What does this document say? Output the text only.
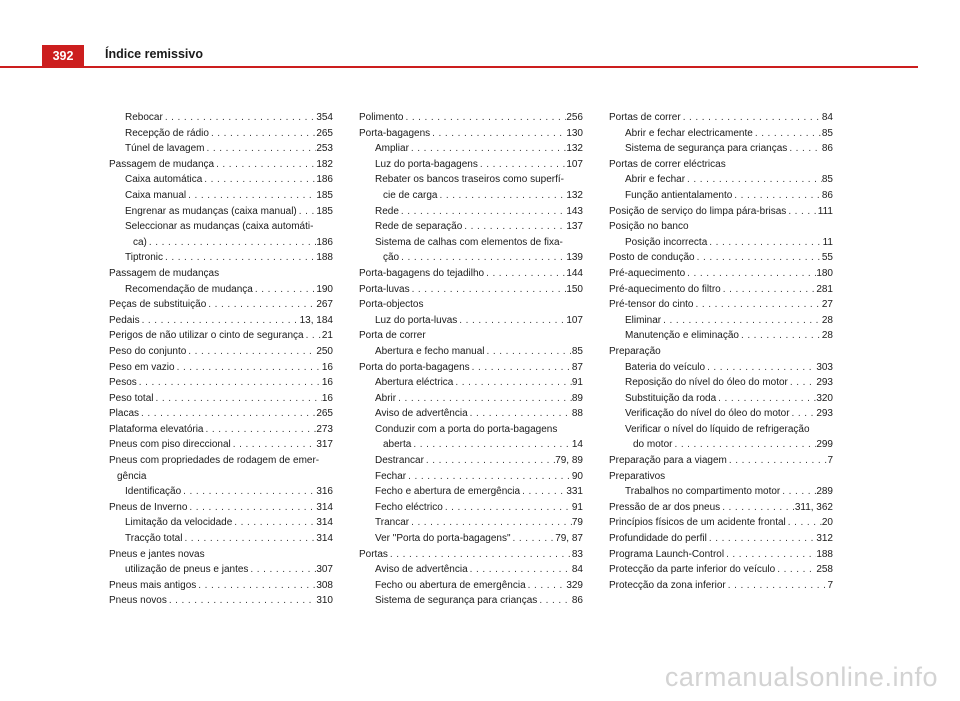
392	Índice remissivo
Rebocar . . .	354
Recepção de rádio . . .	265
Túnel de lavagem . . .	253
Passagem de mudança . . .	182
Caixa automática . . .	186
Caixa manual . . .	185
Engrenar as mudanças (caixa manual) . . . 185
Seleccionar as mudanças (caixa automáti-
ca) . . .	186
Tiptronic . . .	188
Passagem de mudanças
Recomendação de mudança . . .	190
Peças de substituição . . .	267
Pedais . . .	13, 184
Perigos de não utilizar o cinto de segurança . . . 21
Peso do conjunto . . .	250
Peso em vazio . . .	16
Pesos . . .	16
Peso total . . .	16
Placas . . .	265
Plataforma elevatória . . .	273
Pneus com piso direccional . . .	317
Pneus com propriedades de rodagem de emer-
gência
Identificação . . .	316
Pneus de Inverno . . .	314
Limitação da velocidade . . .	314
Tracção total . . .	314
Pneus e jantes novas
utilização de pneus e jantes . . .	307
Pneus mais antigos . . .	308
Pneus novos . . .	310
Polimento . . .	256
Porta-bagagens . . .	130
Ampliar . . .	132
Luz do porta-bagagens . . .	107
Rebater os bancos traseiros como superfí-
cie de carga . . .	132
Rede . . .	143
Rede de separação . . .	137
Sistema de calhas com elementos de fixa-
ção . . .	139
Porta-bagagens do tejadilho . . .	144
Porta-luvas . . .	150
Porta-objectos
Luz do porta-luvas . . .	107
Porta de correr
Abertura e fecho manual . . .	85
Porta do porta-bagagens . . .	87
Abertura eléctrica . . .	91
Abrir . . .	89
Aviso de advertência . . .	88
Conduzir com a porta do porta-bagagens
aberta . . .	14
Destrancar . . .	79, 89
Fechar . . .	90
Fecho e abertura de emergência . . .	331
Fecho eléctrico . . .	91
Trancar . . .	79
Ver "Porta do porta-bagagens" . . .	79, 87
Portas . . .	83
Aviso de advertência . . .	84
Fecho ou abertura de emergência . . .	329
Sistema de segurança para crianças . . .	86
Portas de correr . . .	84
Abrir e fechar electricamente . . .	85
Sistema de segurança para crianças . . .	86
Portas de correr eléctricas
Abrir e fechar . . .	85
Função antientalamento . . .	86
Posição de serviço do limpa pára-brisas . . .	111
Posição no banco
Posição incorrecta . . .	11
Posto de condução . . .	55
Pré-aquecimento . . .	180
Pré-aquecimento do filtro . . .	281
Pré-tensor do cinto . . .	27
Eliminar . . .	28
Manutenção e eliminação . . .	28
Preparação
Bateria do veículo . . .	303
Reposição do nível do óleo do motor . . .	293
Substituição da roda . . .	320
Verificação do nível do óleo do motor . . .	293
Verificar o nível do líquido de refrigeração
do motor . . .	299
Preparação para a viagem . . .	7
Preparativos
Trabalhos no compartimento motor . . .	289
Pressão de ar dos pneus . . .	311, 362
Princípios físicos de um acidente frontal . . .	20
Profundidade do perfil . . .	312
Programa Launch-Control . . .	188
Protecção da parte inferior do veículo . . .	258
Protecção da zona inferior . . .	7
carmanualsonline.info
